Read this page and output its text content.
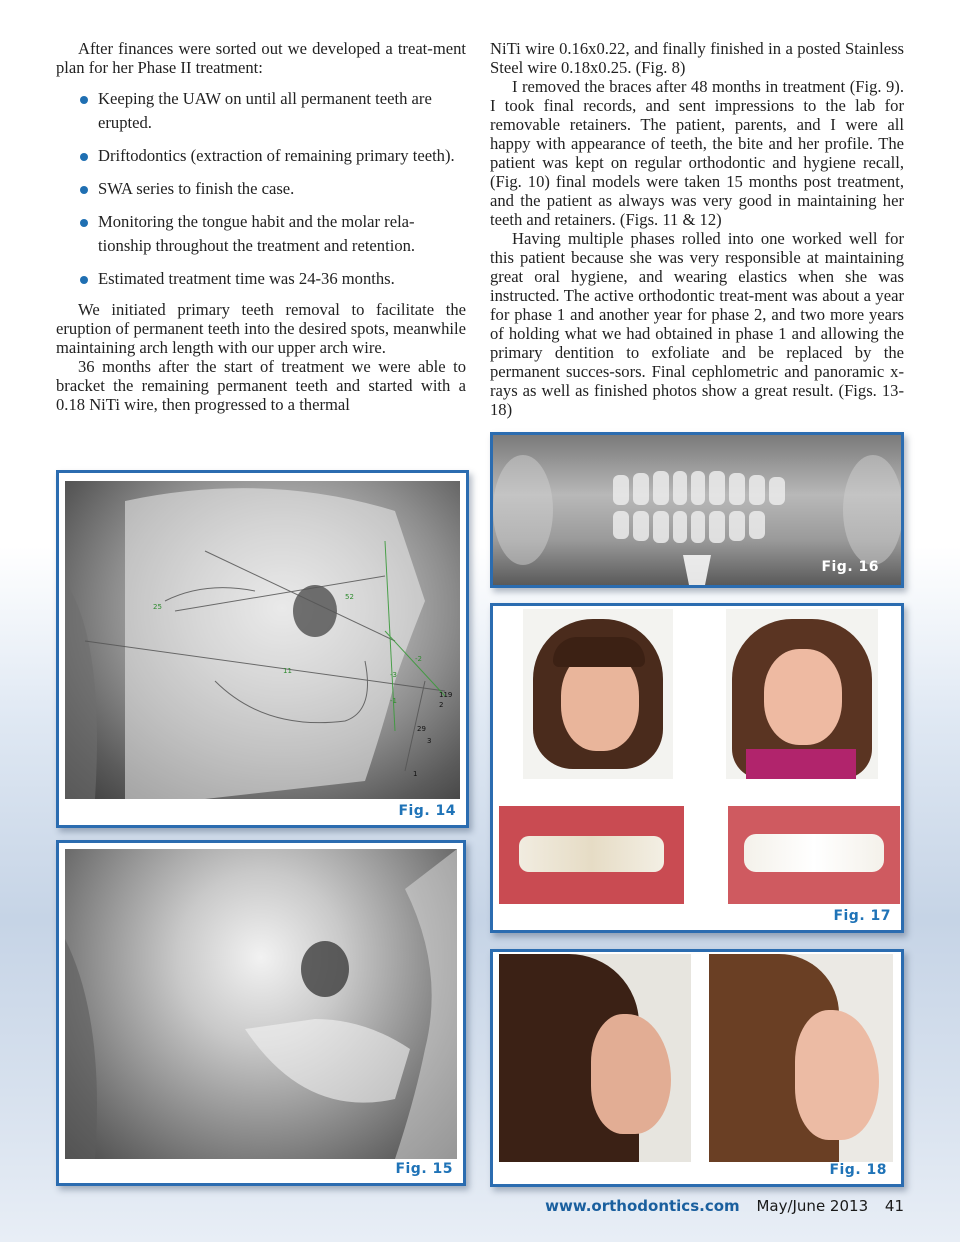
After finances were sorted out we developed a treat-ment plan for her Phase II treatment:

Keeping the UAW on until all permanent teeth are erupted.
Driftodontics (extraction of remaining primary teeth).
SWA series to finish the case.
Monitoring the tongue habit and the molar rela-tionship throughout the treatment and retention.
Estimated treatment time was 24-36 months.

We initiated primary teeth removal to facilitate the eruption of permanent teeth into the desired spots, meanwhile maintaining arch length with our upper arch wire.

36 months after the start of treatment we were able to bracket the remaining permanent teeth and started with a 0.18 NiTi wire, then progressed to a thermal

NiTi wire 0.16x0.22, and finally finished in a posted Stainless Steel wire 0.18x0.25. (Fig. 8)

I removed the braces after 48 months in treatment (Fig. 9). I took final records, and sent impressions to the lab for removable retainers. The patient, parents, and I were all happy with appearance of teeth, the bite and her profile. The patient was kept on regular orthodontic and hygiene recall, (Fig. 10) final models were taken 15 months post treatment, and the patient as always was very good in maintaining her teeth and retainers. (Figs. 11 & 12)

Having multiple phases rolled into one worked well for this patient because she was very responsible at maintaining great oral hygiene, and wearing elastics when she was instructed. The active orthodontic treat-ment was about a year for phase 1 and another year for phase 2, and two more years of holding what we had obtained in phase 1 and allowing the primary dentition to exfoliate and be replaced by the permanent succes-sors. Final cephlometric and panoramic x-rays as well as finished photos show a great result. (Figs. 13-18)

25
52
11	-3
-1
-2
119
2
29
3
1
Fig. 14
Fig. 15
Fig. 16
Fig. 17
Fig. 18
www.orthodontics.com May/June 2013 41
